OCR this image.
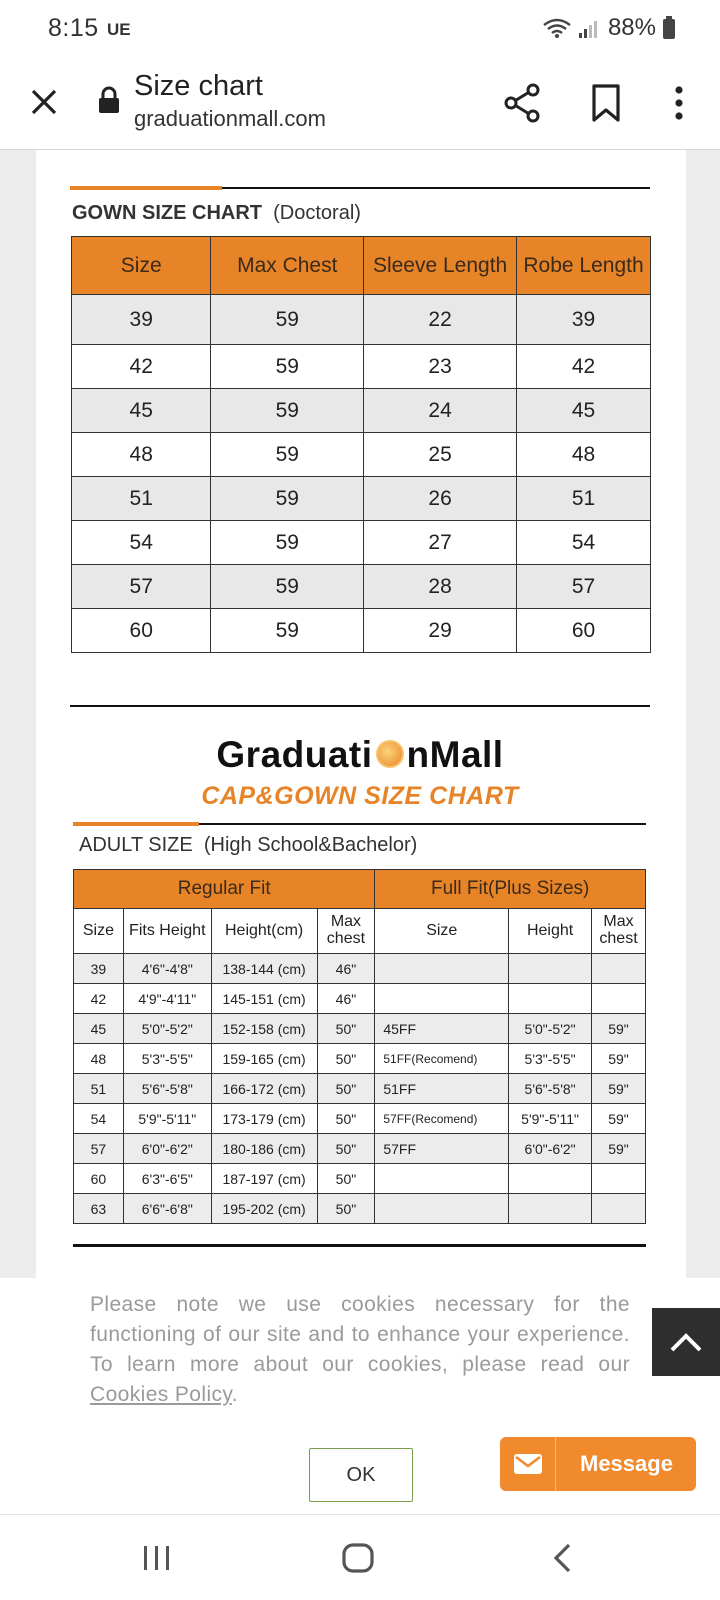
8:15 UE	88%
Size chart
graduationmall.com
GOWN SIZE CHART (Doctoral)
Size	Max Chest	Sleeve Length	Robe Length
39	59	22	39
42	59	23	42
45	59	24	45
48	59	25	48
51	59	26	51
54	59	27	54
57	59	28	57
60	59	29	60
Graduati nMall
CAP&GOWN SIZE CHART
ADULT SIZE (High School&Bachelor)
Regular Fit				Full Fit(Plus Sizes)		
Size	Fits Height	Height(cm)	Max chest	Size	Height	Max chest
39	4'6"-4'8"	138-144 (cm)	46"			
42	4'9"-4'11"	145-151 (cm)	46"			
45	5'0"-5'2"	152-158 (cm)	50"	45FF	5'0"-5'2"	59"
48	5'3"-5'5"	159-165 (cm)	50"	51FF(Recomend)	5'3"-5'5"	59"
51	5'6"-5'8"	166-172 (cm)	50"	51FF	5'6"-5'8"	59"
54	5'9"-5'11"	173-179 (cm)	50"	57FF(Recomend)	5'9"-5'11"	59"
57	6'0"-6'2"	180-186 (cm)	50"	57FF	6'0"-6'2"	59"
60	6'3"-6'5"	187-197 (cm)	50"			
63	6'6"-6'8"	195-202 (cm)	50"			
Please note we use cookies necessary for the functioning of our site and to enhance your experience. To learn more about our cookies, please read our Cookies Policy.
OK	Message
